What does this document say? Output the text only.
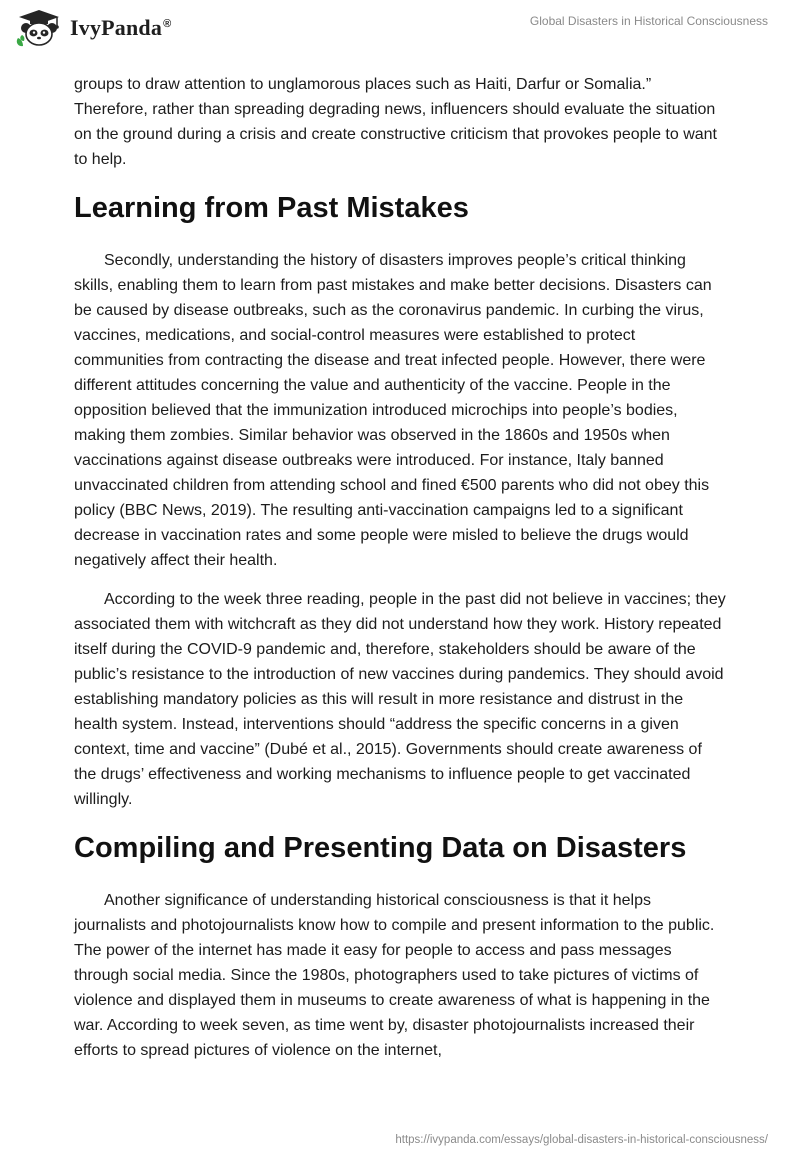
IvyPanda®	Global Disasters in Historical Consciousness

groups to draw attention to unglamorous places such as Haiti, Darfur or Somalia.” Therefore, rather than spreading degrading news, influencers should evaluate the situation on the ground during a crisis and create constructive criticism that provokes people to want to help.

Learning from Past Mistakes

Secondly, understanding the history of disasters improves people’s critical thinking skills, enabling them to learn from past mistakes and make better decisions. Disasters can be caused by disease outbreaks, such as the coronavirus pandemic. In curbing the virus, vaccines, medications, and social-control measures were established to protect communities from contracting the disease and treat infected people. However, there were different attitudes concerning the value and authenticity of the vaccine. People in the opposition believed that the immunization introduced microchips into people’s bodies, making them zombies. Similar behavior was observed in the 1860s and 1950s when vaccinations against disease outbreaks were introduced. For instance, Italy banned unvaccinated children from attending school and fined €500 parents who did not obey this policy (BBC News, 2019). The resulting anti-vaccination campaigns led to a significant decrease in vaccination rates and some people were misled to believe the drugs would negatively affect their health.

According to the week three reading, people in the past did not believe in vaccines; they associated them with witchcraft as they did not understand how they work. History repeated itself during the COVID-9 pandemic and, therefore, stakeholders should be aware of the public’s resistance to the introduction of new vaccines during pandemics. They should avoid establishing mandatory policies as this will result in more resistance and distrust in the health system. Instead, interventions should “address the specific concerns in a given context, time and vaccine” (Dubé et al., 2015). Governments should create awareness of the drugs’ effectiveness and working mechanisms to influence people to get vaccinated willingly.

Compiling and Presenting Data on Disasters

Another significance of understanding historical consciousness is that it helps journalists and photojournalists know how to compile and present information to the public. The power of the internet has made it easy for people to access and pass messages through social media. Since the 1980s, photographers used to take pictures of victims of violence and displayed them in museums to create awareness of what is happening in the war. According to week seven, as time went by, disaster photojournalists increased their efforts to spread pictures of violence on the internet,

https://ivypanda.com/essays/global-disasters-in-historical-consciousness/
